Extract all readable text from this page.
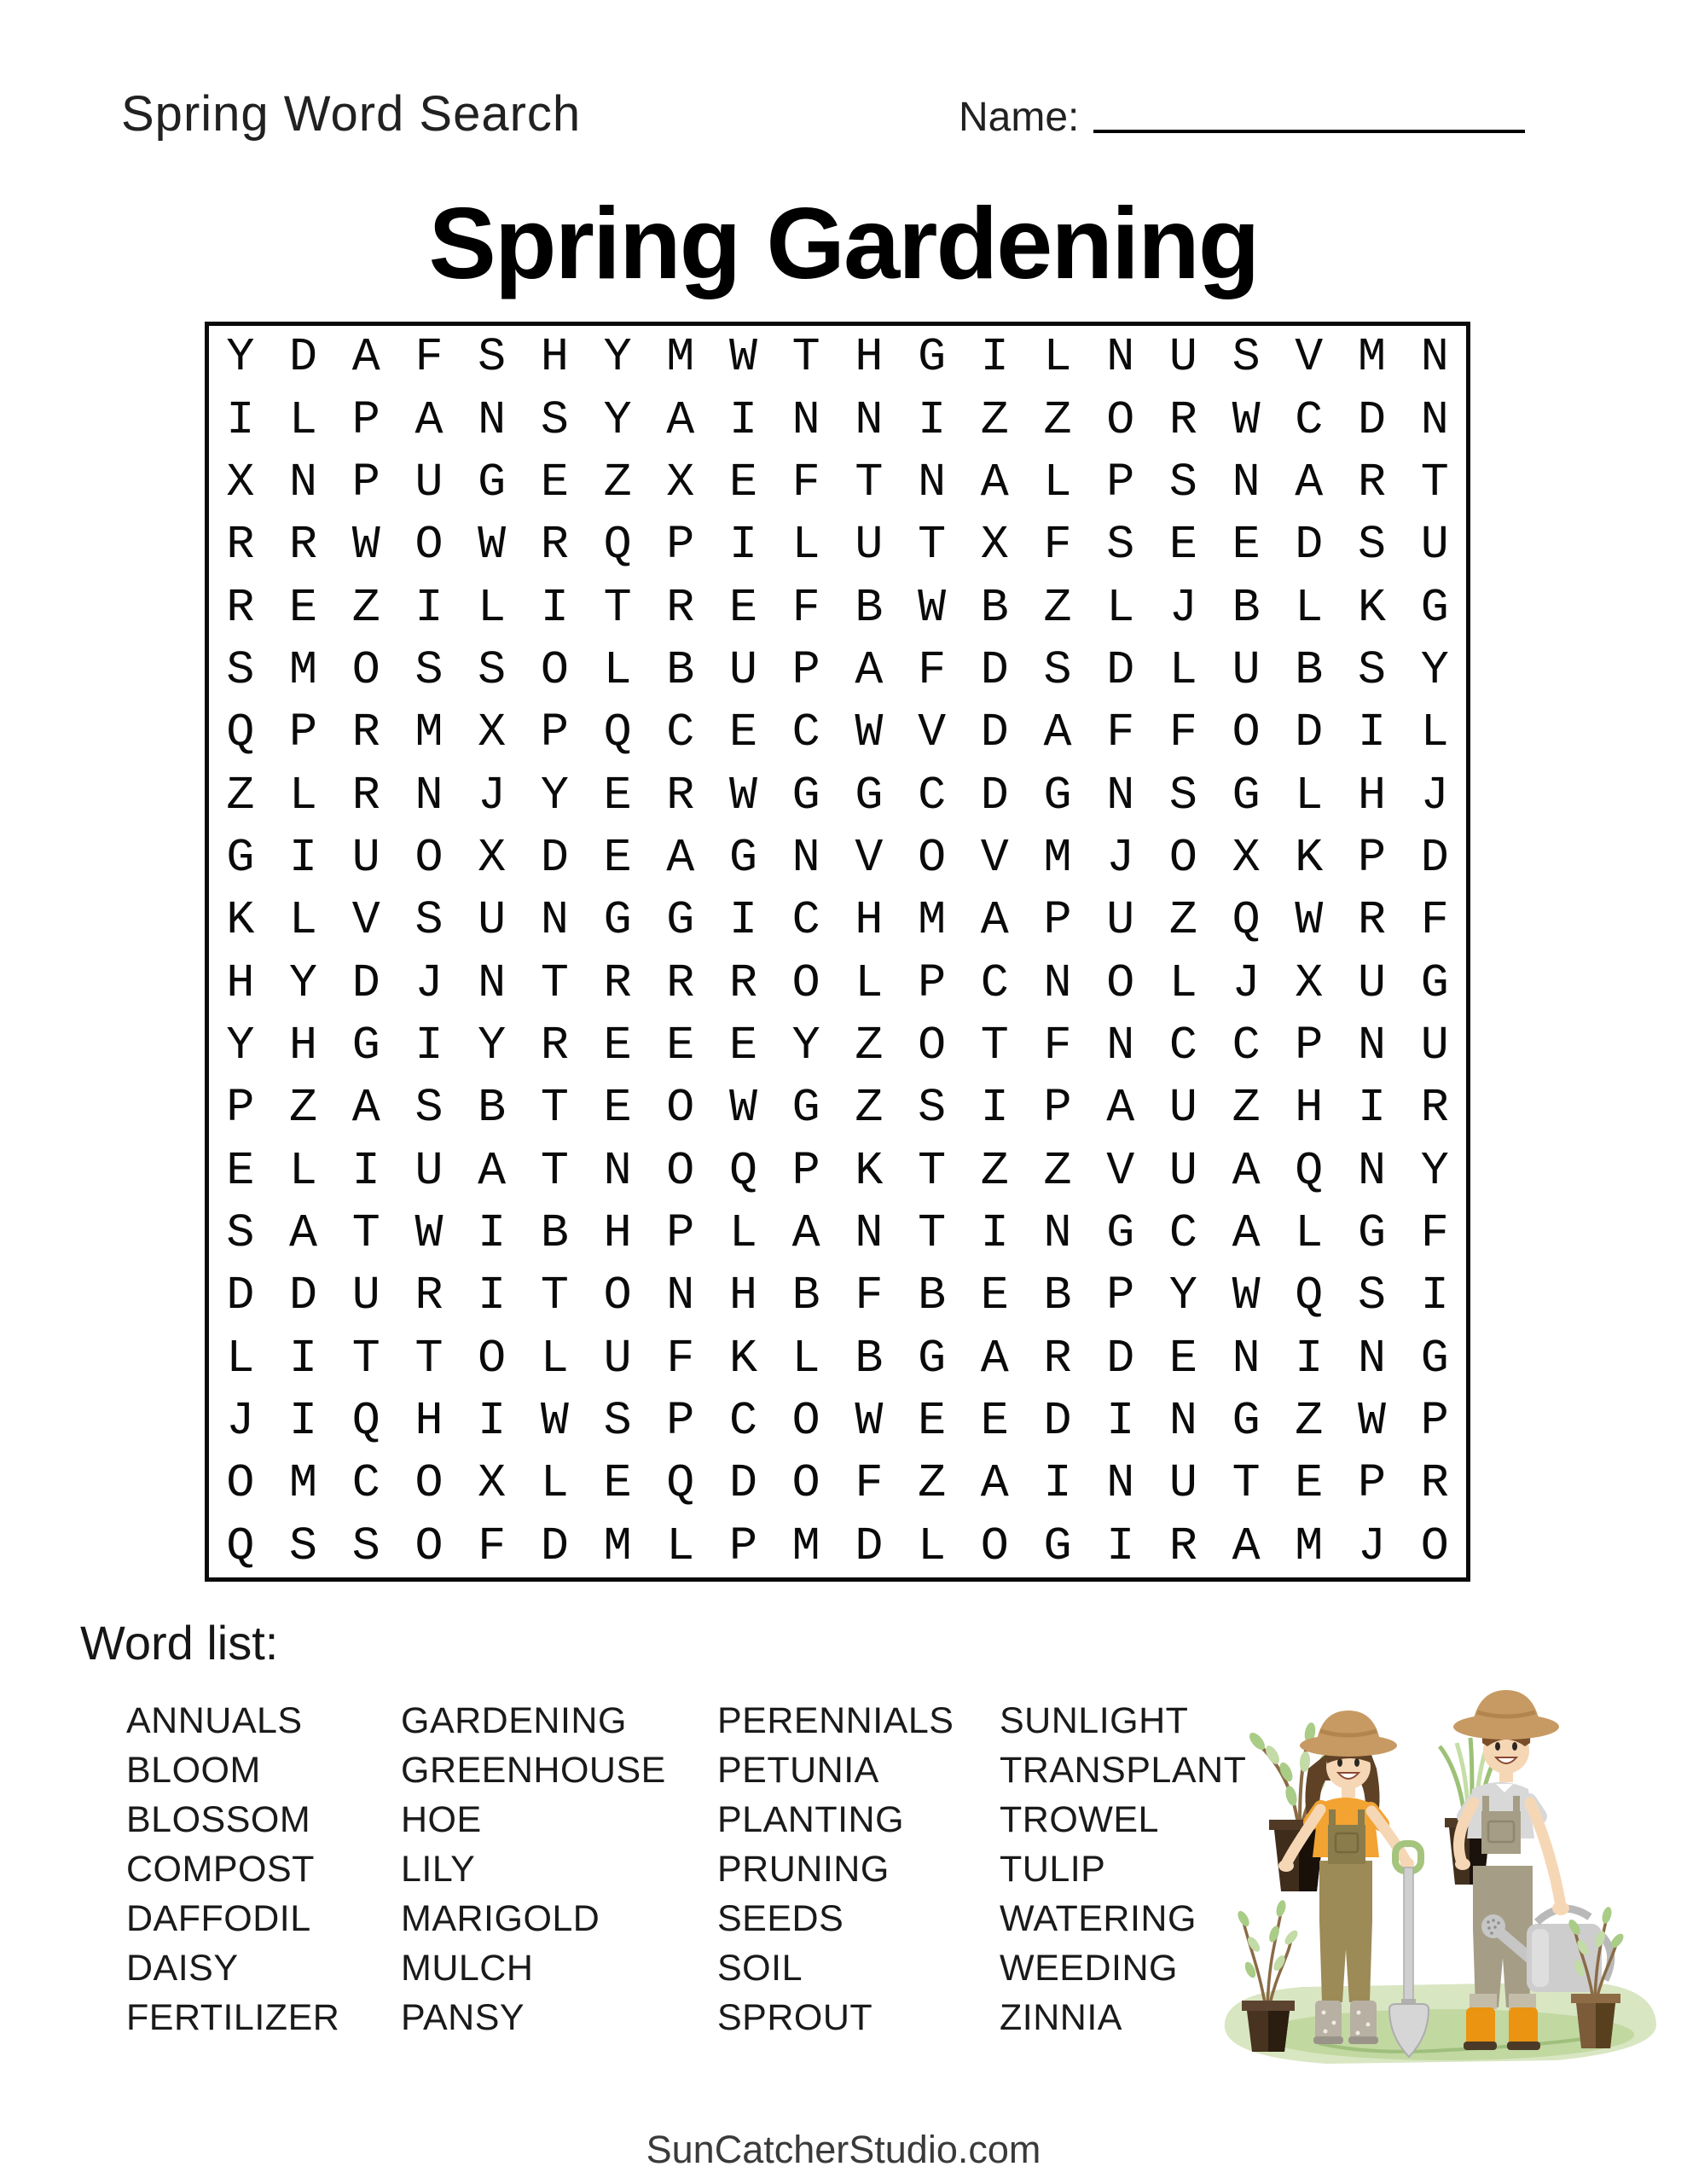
Spring Word Search	Name:
Spring Gardening
Y D A F S H Y M W T H G I L N U S V M N
I L P A N S Y A I N N I Z Z O R W C D N
X N P U G E Z X E F T N A L P S N A R T
R R W O W R Q P I L U T X F S E E D S U
R E Z I L I T R E F B W B Z L J B L K G
S M O S S O L B U P A F D S D L U B S Y
Q P R M X P Q C E C W V D A F F O D I L
Z L R N J Y E R W G G C D G N S G L H J
G I U O X D E A G N V O V M J O X K P D
K L V S U N G G I C H M A P U Z Q W R F
H Y D J N T R R R O L P C N O L J X U G
Y H G I Y R E E E Y Z O T F N C C P N U
P Z A S B T E O W G Z S I P A U Z H I R
E L I U A T N O Q P K T Z Z V U A Q N Y
S A T W I B H P L A N T I N G C A L G F
D D U R I T O N H B F B E B P Y W Q S I
L I T T O L U F K L B G A R D E N I N G
J I Q H I W S P C O W E E D I N G Z W P
O M C O X L E Q D O F Z A I N U T E P R
Q S S O F D M L P M D L O G I R A M J O
Word list:
ANNUALS
BLOOM
BLOSSOM
COMPOST
DAFFODIL
DAISY
FERTILIZER
GARDENING
GREENHOUSE
HOE
LILY
MARIGOLD
MULCH
PANSY
PERENNIALS
PETUNIA
PLANTING
PRUNING
SEEDS
SOIL
SPROUT
SUNLIGHT
TRANSPLANT
TROWEL
TULIP
WATERING
WEEDING
ZINNIA
SunCatcherStudio.com
